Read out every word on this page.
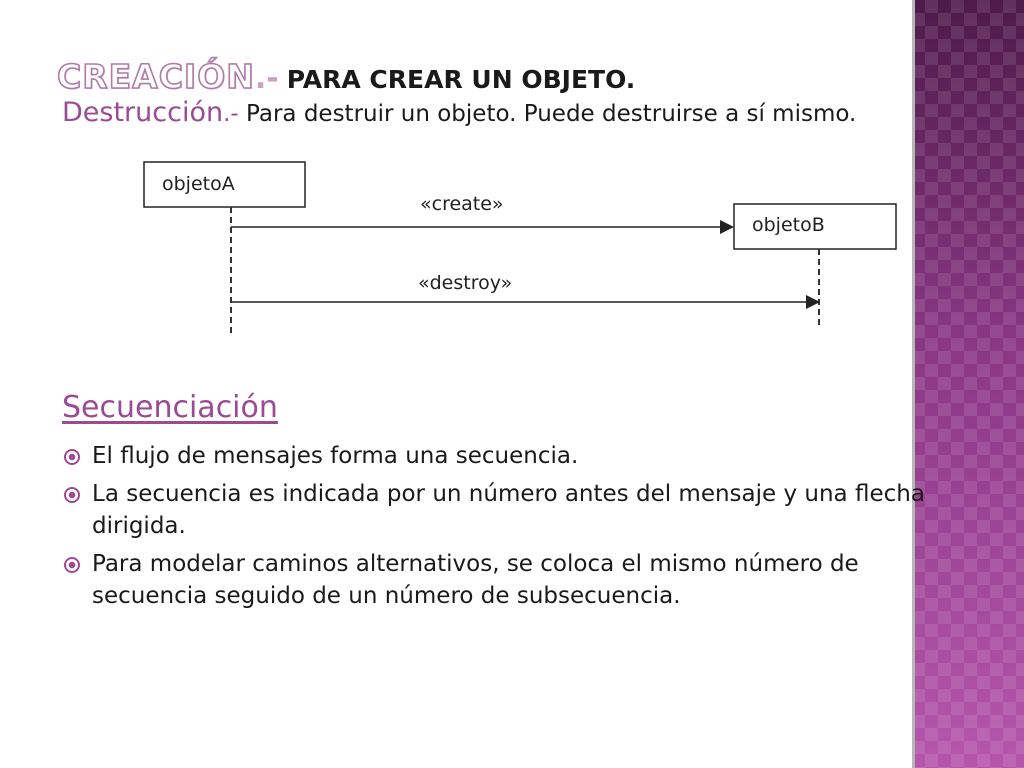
CREACIÓN.- PARA CREAR UN OBJETO.
Destrucción.- Para destruir un objeto. Puede destruirse a sí mismo.
objetoA
«create»
objetoB
«destroy»
Secuenciación
El flujo de mensajes forma una secuencia.
La secuencia es indicada por un número antes del mensaje y una flecha dirigida.
Para modelar caminos alternativos, se coloca el mismo número de secuencia seguido de un número de subsecuencia.
